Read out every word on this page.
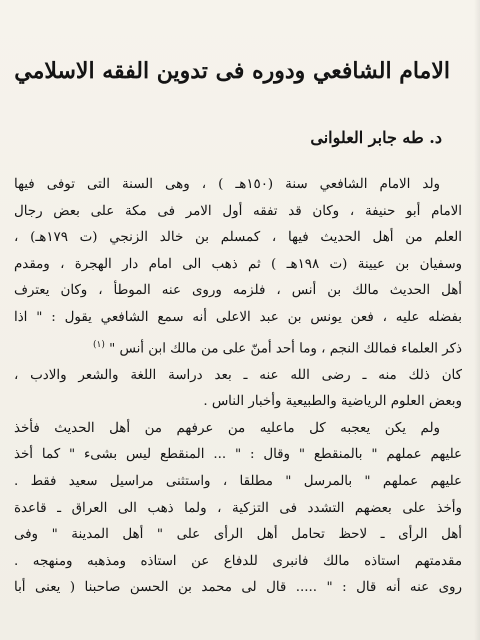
الامام الشافعي ودوره فى تدوين الفقه الاسلامي
د. طه جابر العلوانى
ولد الامام الشافعي سنة (١٥٠هـ ) ، وهى السنة التى توفى فيها
الامام أبو حنيفة ، وكان قد تفقه أول الامر فى مكة على بعض رجال
العلم من أهل الحديث فيها ، كمسلم بن خالد الزنجي (ت ١٧٩هـ) ،
وسفيان بن عيينة (ت ١٩٨هـ ) ثم ذهب الى امام دار الهجرة ، ومقدم
أهل الحديث مالك بن أنس ، فلزمه وروى عنه الموطأ ، وكان يعترف
بفضله عليه ، فعن يونس بن عبد الاعلى أنه سمع الشافعي يقول : " اذا
ذكر العلماء فمالك النجم ، وما أحد أمنّ على من مالك ابن أنس " $^{(١)}$
كان ذلك منه ـ رضى الله عنه ـ بعد دراسة اللغة والشعر والادب ،
وبعض العلوم الرياضية والطبيعية وأخبار الناس .
ولم يكن يعجبه كل ماعليه من عرفهم من أهل الحديث فأخذ
عليهم عملهم " بالمنقطع " وقال : " ... المنقطع ليس بشىء " كما أخذ
عليهم عملهم " بالمرسل " مطلقا ، واستثنى مراسيل سعيد فقط .
وأخذ على بعضهم التشدد فى التزكية ، ولما ذهب الى العراق ـ قاعدة
أهل الرأى ـ لاحظ تحامل أهل الرأى على " أهل المدينة " وفى
مقدمتهم استاذه مالك فانبرى للدفاع عن استاذه ومذهبه ومنهجه .
روى عنه أنه قال : " ..... قال لى محمد بن الحسن صاحبنا ( يعنى أبا
